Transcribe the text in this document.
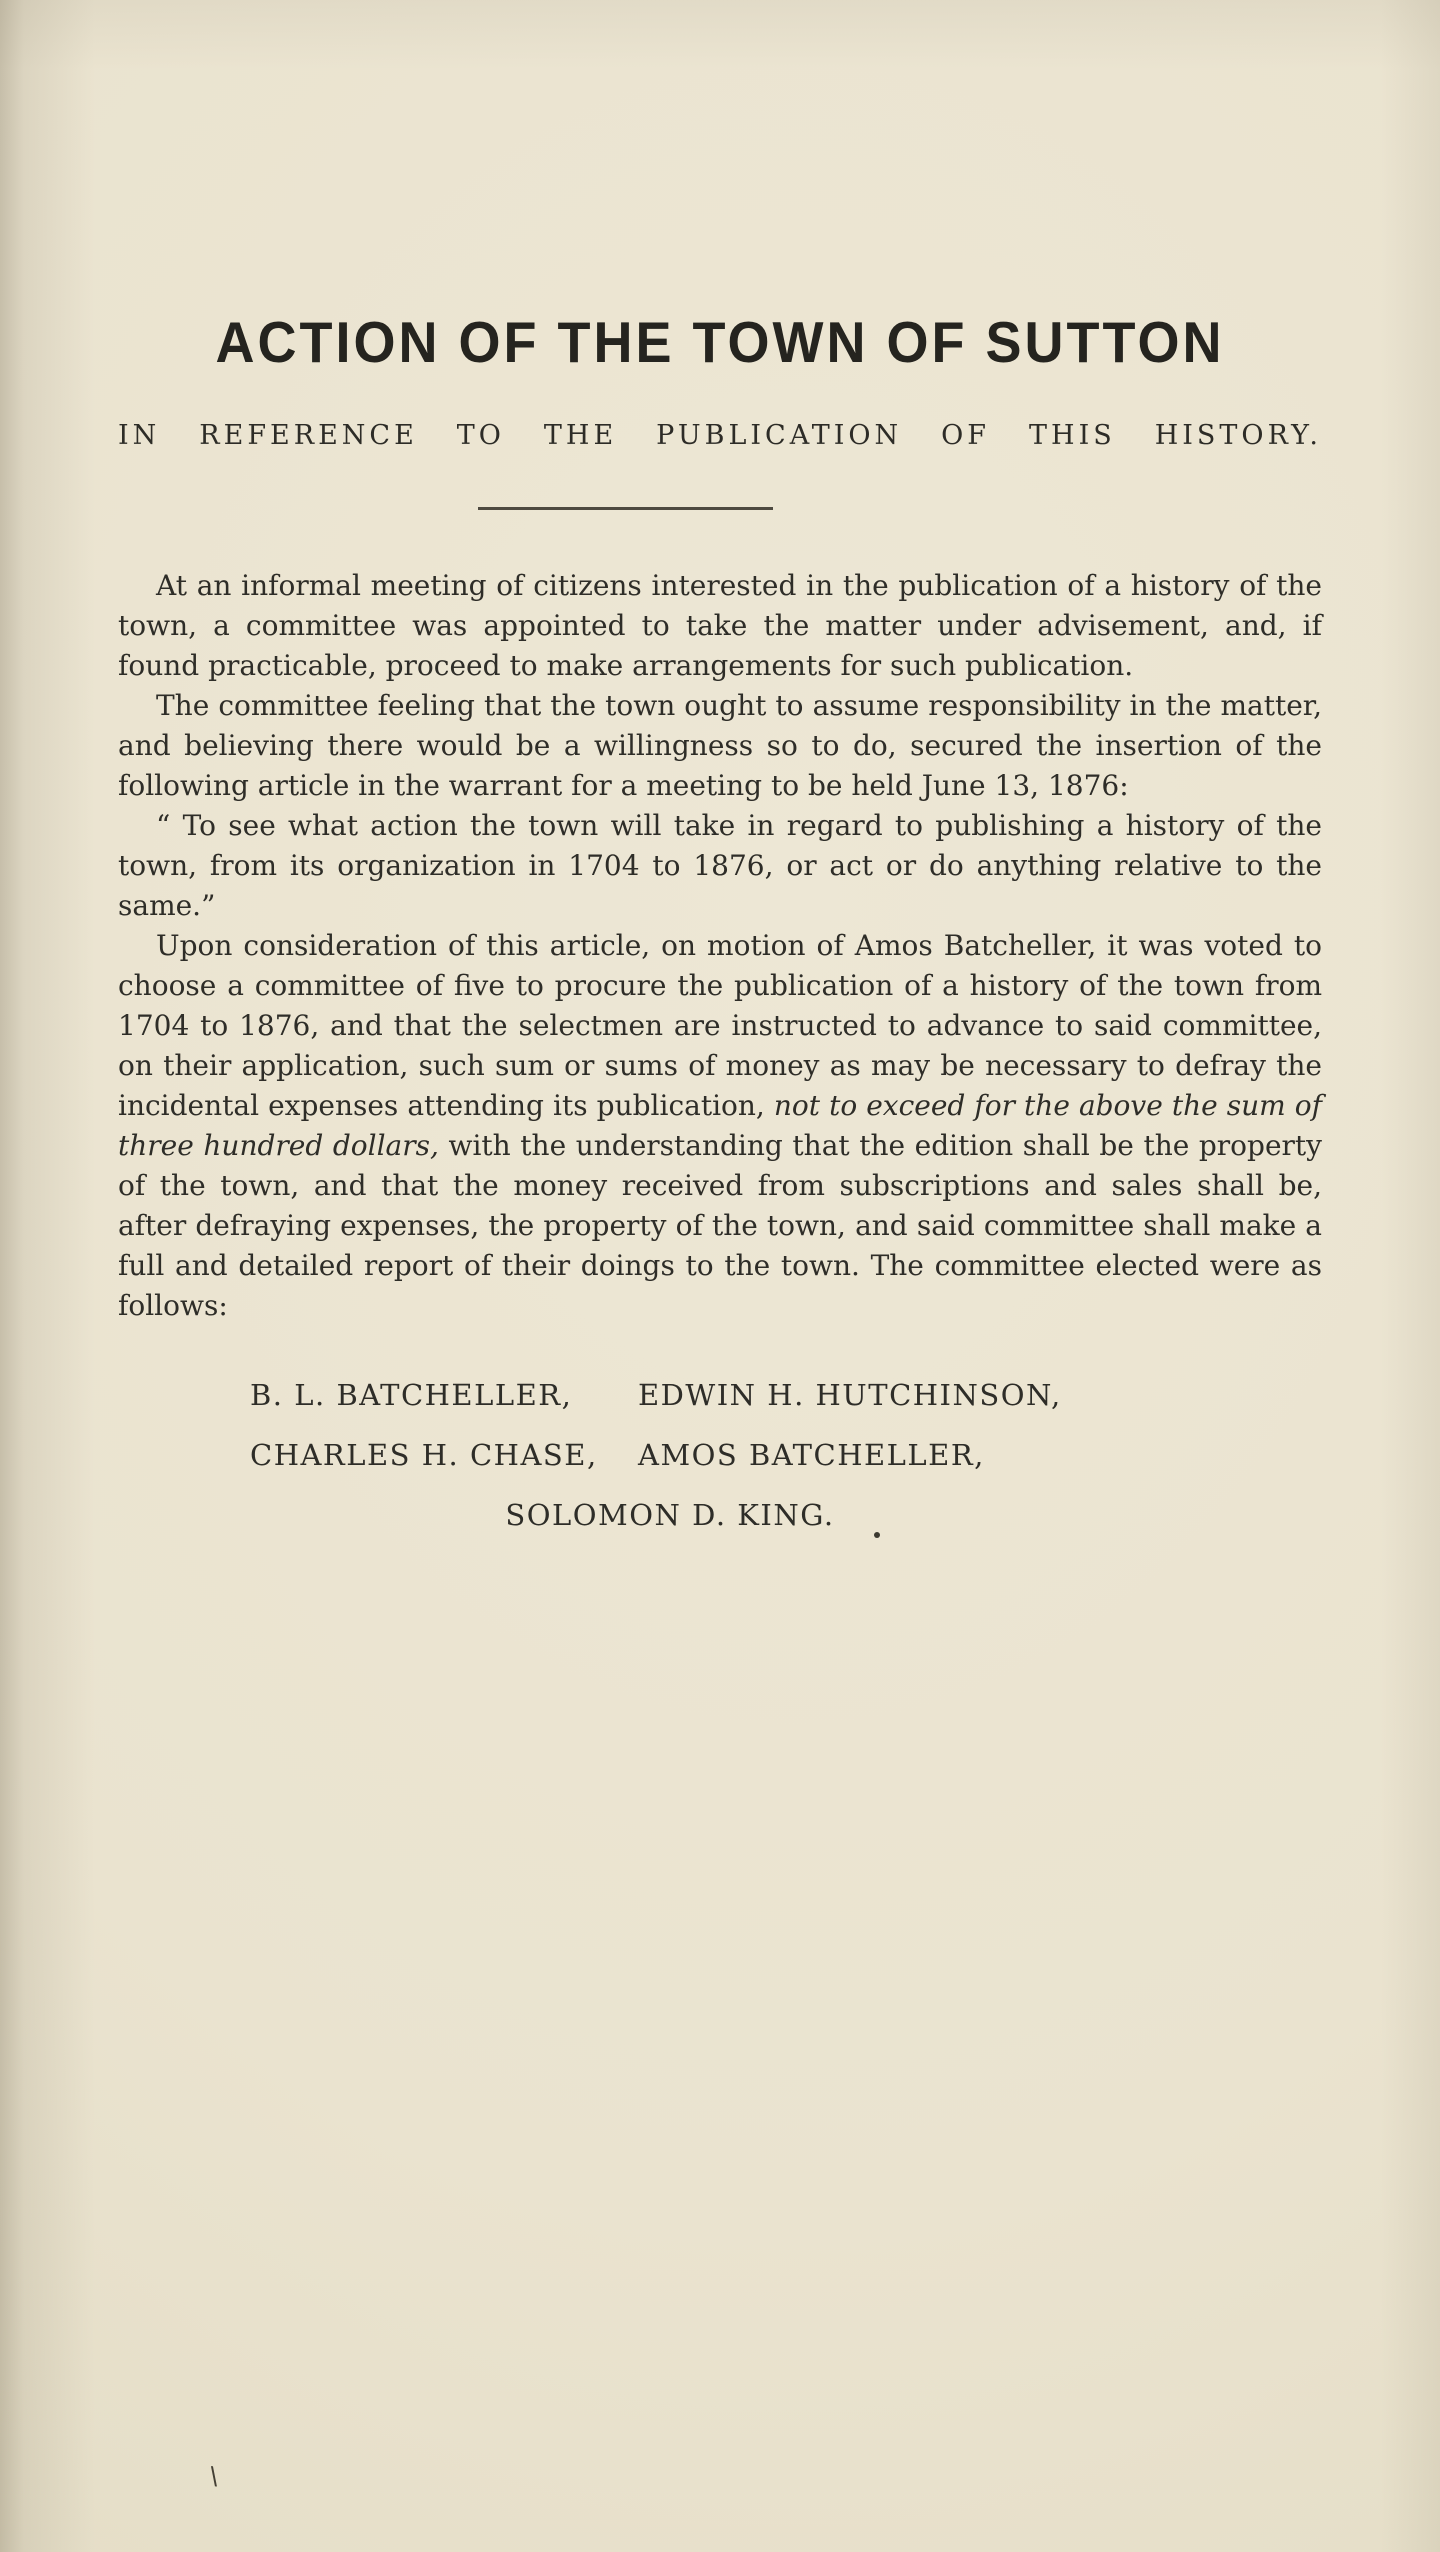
ACTION OF THE TOWN OF SUTTON
IN REFERENCE TO THE PUBLICATION OF THIS HISTORY.

At an informal meeting of citizens interested in the publication of a history of the town, a committee was appointed to take the matter under advisement, and, if found practicable, proceed to make arrangements for such publication.

The committee feeling that the town ought to assume responsibility in the matter, and believing there would be a willingness so to do, secured the insertion of the following article in the warrant for a meeting to be held June 13, 1876:

“ To see what action the town will take in regard to publishing a history of the town, from its organization in 1704 to 1876, or act or do anything relative to the same.”

Upon consideration of this article, on motion of Amos Batcheller, it was voted to choose a committee of five to procure the publication of a history of the town from 1704 to 1876, and that the selectmen are instructed to advance to said committee, on their application, such sum or sums of money as may be necessary to defray the incidental expenses attending its publication, not to exceed for the above the sum of three hundred dollars, with the understanding that the edition shall be the property of the town, and that the money received from subscriptions and sales shall be, after defraying expenses, the property of the town, and said committee shall make a full and detailed report of their doings to the town. The committee elected were as follows:

B. L. BATCHELLER,	EDWIN H. HUTCHINSON,
CHARLES H. CHASE,	AMOS BATCHELLER,
SOLOMON D. KING.
\
